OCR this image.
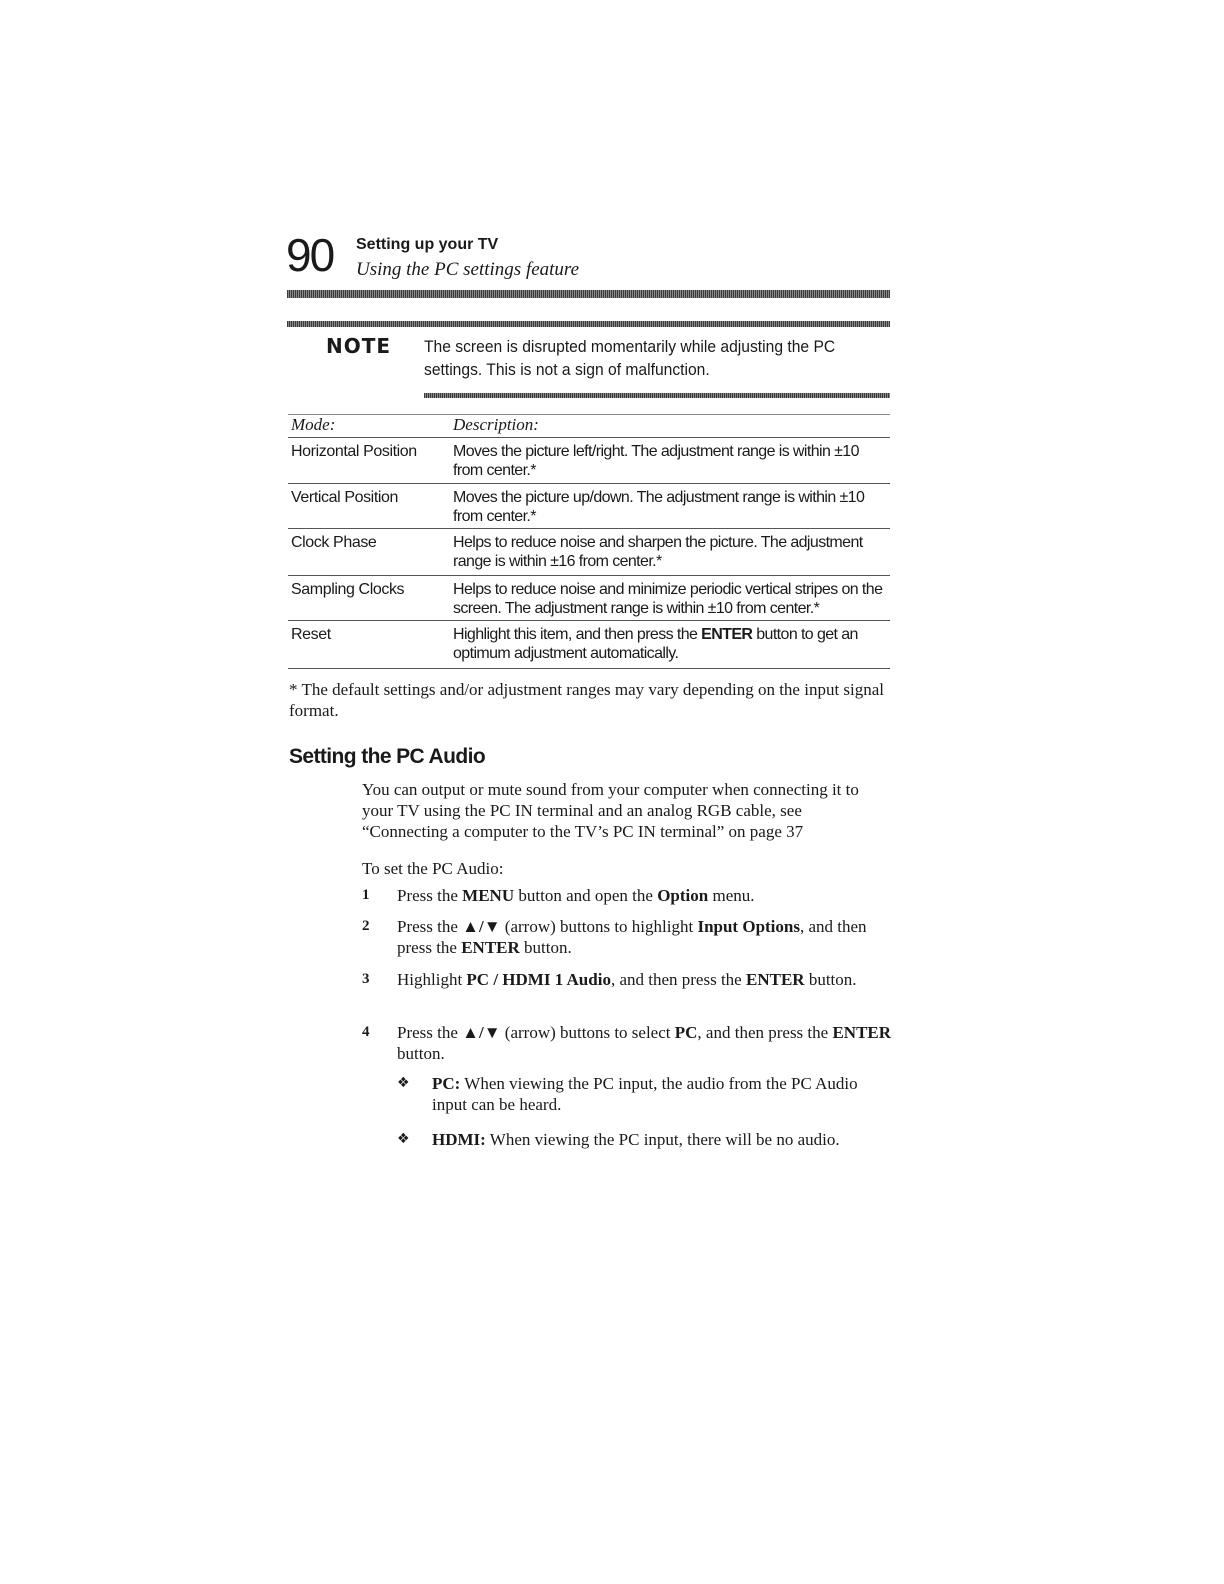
90 Setting up your TV
Using the PC settings feature
NOTE The screen is disrupted momentarily while adjusting the PC settings. This is not a sign of malfunction.
Mode:	Description:
Horizontal Position	Moves the picture left/right. The adjustment range is within ±10 from center.*
Vertical Position	Moves the picture up/down. The adjustment range is within ±10 from center.*
Clock Phase	Helps to reduce noise and sharpen the picture. The adjustment range is within ±16 from center.*
Sampling Clocks	Helps to reduce noise and minimize periodic vertical stripes on the screen. The adjustment range is within ±10 from center.*
Reset	Highlight this item, and then press the ENTER button to get an optimum adjustment automatically.
* The default settings and/or adjustment ranges may vary depending on the input signal format.
Setting the PC Audio
You can output or mute sound from your computer when connecting it to your TV using the PC IN terminal and an analog RGB cable, see “Connecting a computer to the TV’s PC IN terminal” on page 37
To set the PC Audio:
1 Press the MENU button and open the Option menu.
2 Press the ▲/▼ (arrow) buttons to highlight Input Options, and then press the ENTER button.
3 Highlight PC / HDMI 1 Audio, and then press the ENTER button.
4 Press the ▲/▼ (arrow) buttons to select PC, and then press the ENTER button.
❖ PC: When viewing the PC input, the audio from the PC Audio input can be heard.
❖ HDMI: When viewing the PC input, there will be no audio.
